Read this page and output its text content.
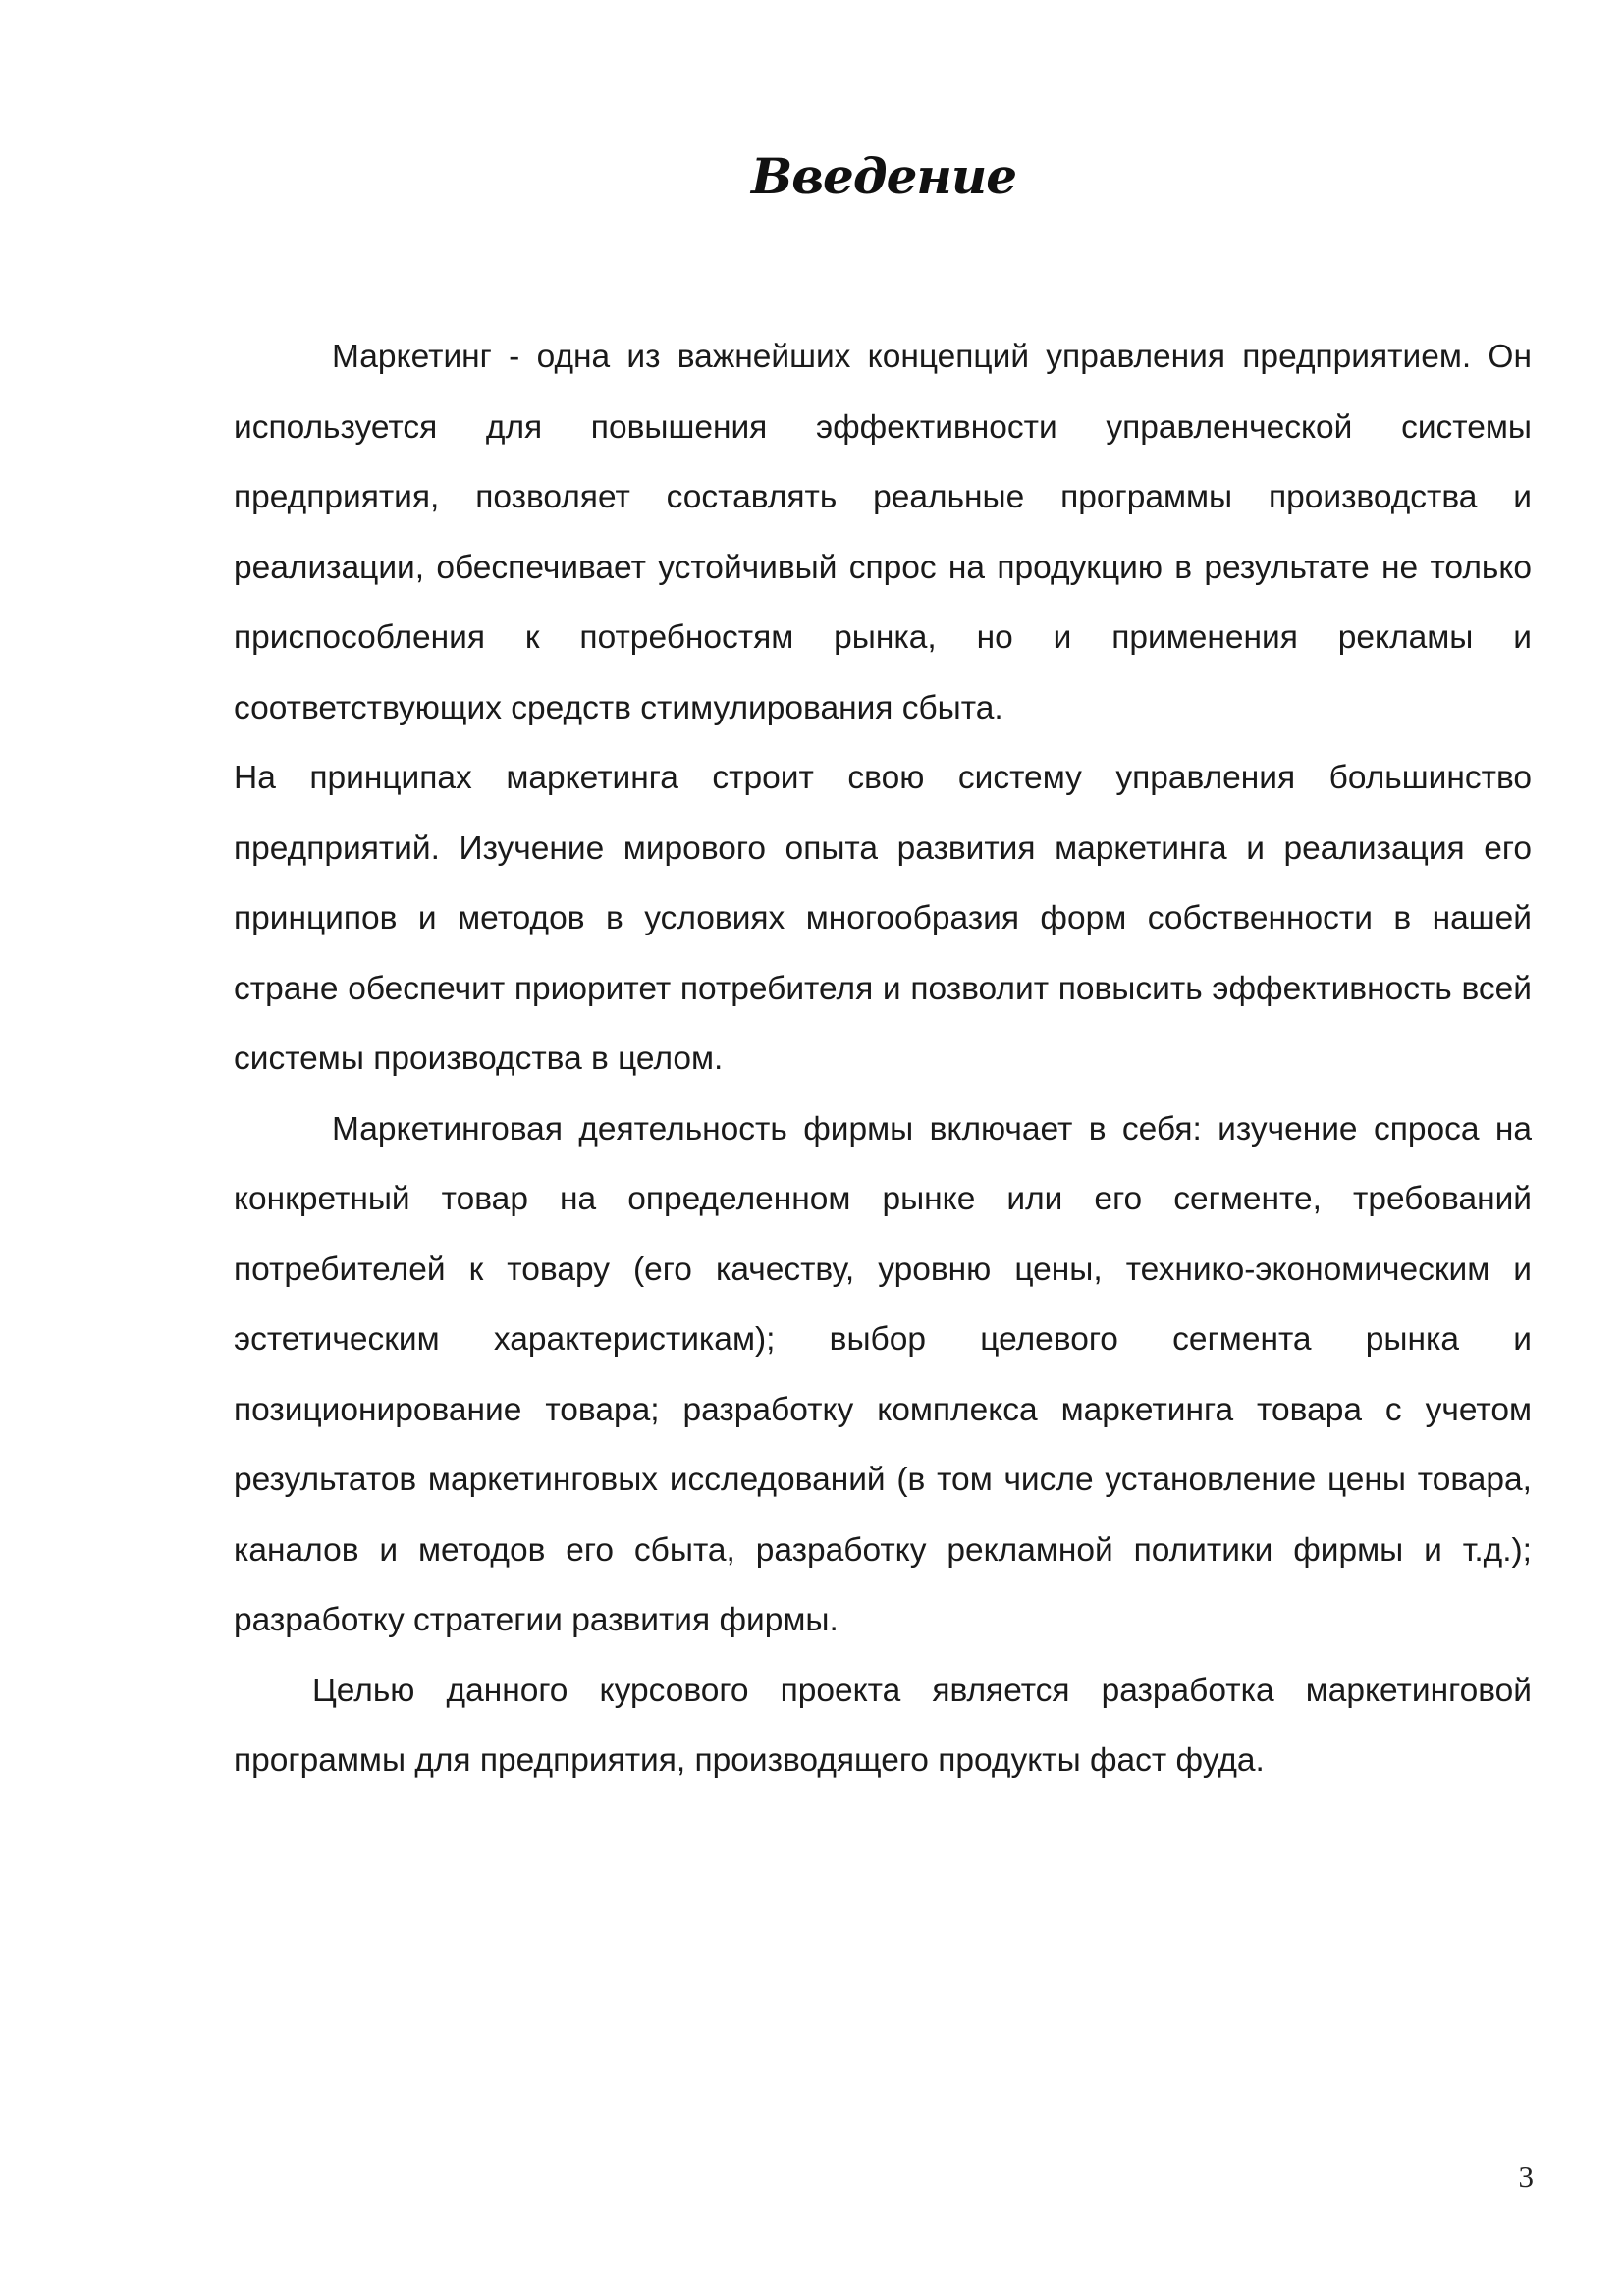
Введение

Маркетинг - одна из важнейших концепций управления предприятием. Он используется для повышения эффективности управленческой системы предприятия, позволяет составлять реальные программы производства и реализации, обеспечивает устойчивый спрос на продукцию в результате не только приспособления к потребностям рынка, но и применения рекламы и соответствующих средств стимулирования сбыта.

На принципах маркетинга строит свою систему управления большинство предприятий. Изучение мирового опыта развития маркетинга и реализация его принципов и методов в условиях многообразия форм собственности в нашей стране обеспечит приоритет потребителя и позволит повысить эффективность всей системы производства в целом.

Маркетинговая деятельность фирмы включает в себя: изучение спроса на конкретный товар на определенном рынке или его сегменте, требований потребителей к товару (его качеству, уровню цены, технико-экономическим и эстетическим характеристикам); выбор целевого сегмента рынка и позиционирование товара; разработку комплекса маркетинга товара с учетом результатов маркетинговых исследований (в том числе установление цены товара, каналов и методов его сбыта, разработку рекламной политики фирмы и т.д.); разработку стратегии развития фирмы.

Целью данного курсового проекта является разработка маркетинговой программы для предприятия, производящего продукты фаст фуда.

3
